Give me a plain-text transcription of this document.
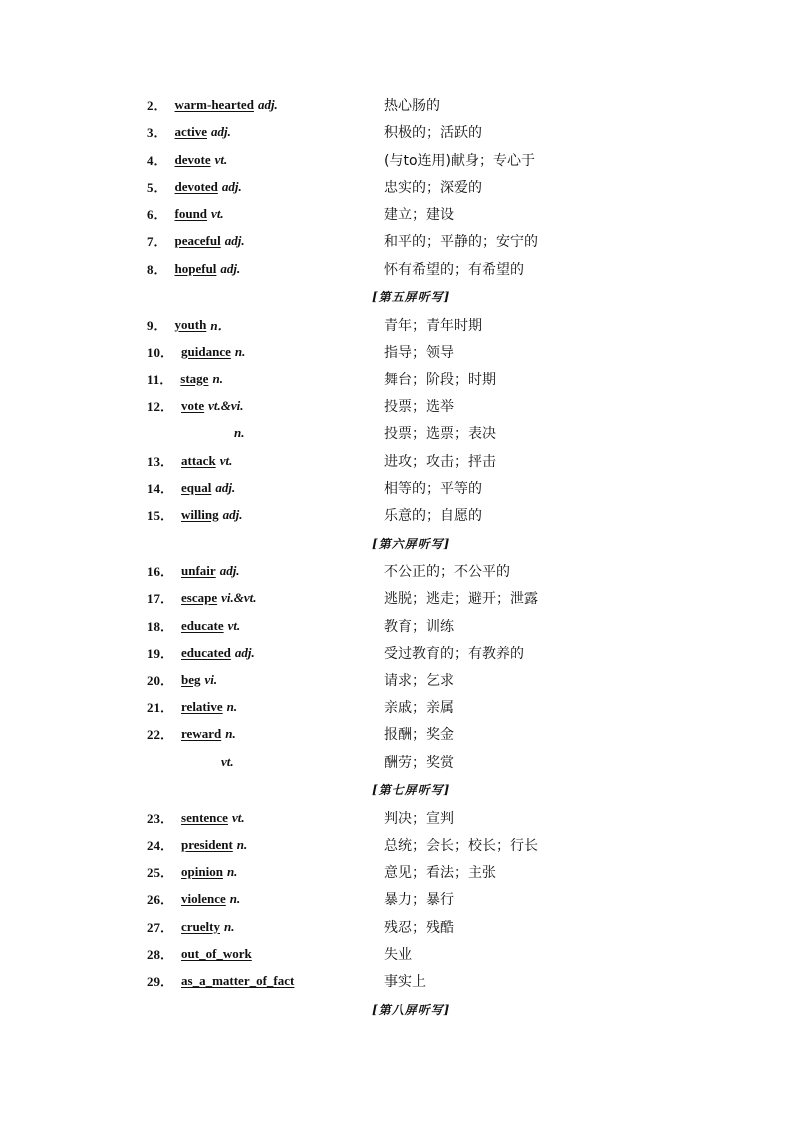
2． warm-hearted adj.	热心肠的
3． active adj.	积极的；活跃的
4． devote vt.	(与to连用)献身；专心于
5． devoted adj.	忠实的；深爱的
6． found vt.	建立；建设
7． peaceful adj.	和平的；平静的；安宁的
8． hopeful adj.	怀有希望的；有希望的
[第五屏听写]
9． youth n．	青年；青年时期
10． guidance n.	指导；领导
11． stage n.	舞台；阶段；时期
12． vote vt.&vi.	投票；选举
n.	投票；选票；表决
13． attack vt.	进攻；攻击；抨击
14． equal adj.	相等的；平等的
15． willing adj.	乐意的；自愿的
[第六屏听写]
16． unfair adj.	不公正的；不公平的
17． escape vi.&vt.	逃脱；逃走；避开；泄露
18． educate vt.	教育；训练
19． educated adj.	受过教育的；有教养的
20． beg vi.	请求；乞求
21． relative n.	亲戚；亲属
22． reward n.	报酬；奖金
vt.	酬劳；奖赏
[第七屏听写]
23． sentence vt.	判决；宣判
24． president n.	总统；会长；校长；行长
25． opinion n.	意见；看法；主张
26． violence n.	暴力；暴行
27． cruelty n.	残忍；残酷
28． out_of_work	失业
29． as_a_matter_of_fact	事实上
[第八屏听写]
